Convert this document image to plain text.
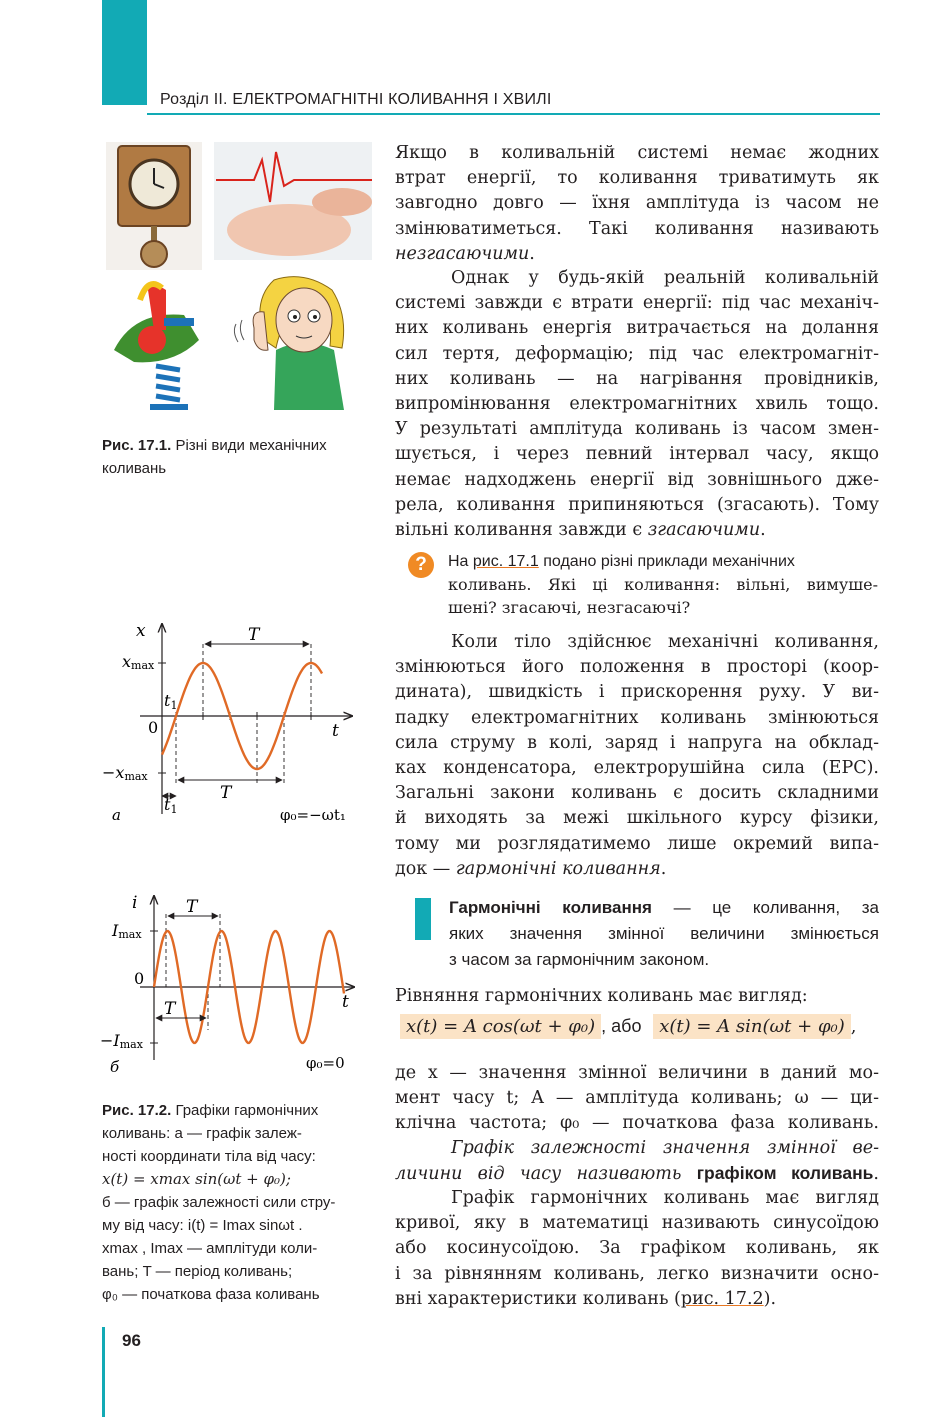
Розділ ІІ. ЕЛЕКТРОМАГНІТНІ КОЛИВАННЯ І ХВИЛІ
Рис. 17.1. Різні види механічних
коливань
x
t
xmax
−xmax
0
t1
t1
T
T
а	φ₀=−ωt₁
i
t
Imax
−Imax
0
T
T
б	φ₀=0
Рис. 17.2. Графіки гармонічних
коливань: а — графік залеж-
ності координати тіла від часу:
x(t) = xmax sin(ωt + φ₀);
б — графік залежності сили стру-
му від часу: i(t) = Imax sinωt .
xmax , Imax — амплітуди коли-
вань; T — період коливань;
φ₀ — початкова фаза коливань
Якщо в коливальній системі немає жодних
втрат енергії, то коливання триватимуть як
завгодно довго — їхня амплітуда із часом не
змінюватиметься. Такі коливання називають
незгасаючими.
Однак у будь-якій реальній коливальній
системі завжди є втрати енергії: під час механіч-
них коливань енергія витрачається на долання
сил тертя, деформацію; під час електромагніт-
них коливань — на нагрівання провідників,
випромінювання електромагнітних хвиль тощо.
У результаті амплітуда коливань із часом змен-
шується, і через певний інтервал часу, якщо
немає надходжень енергії від зовнішнього дже-
рела, коливання припиняються (згасають). Тому
вільні коливання завжди є згасаючими.
?	На рис. 17.1 подано різні приклади механічних
коливань. Які ці коливання: вільні, вимуше-
шені? згасаючі, незгасаючі?
Коли тіло здійснює механічні коливання,
змінюються його положення в просторі (коор-
дината), швидкість і прискорення руху. У ви-
падку електромагнітних коливань змінюються
сила струму в колі, заряд і напруга на обклад-
ках конденсатора, електрорушійна сила (ЕРС).
Загальні закони коливань є досить складними
й виходять за межі шкільного курсу фізики,
тому ми розглядатимемо лише окремий випа-
док — гармонічні коливання.
Гармонічні коливання — це коливання, за
яких значення змінної величини змінюється
з часом за гармонічним законом.
Рівняння гармонічних коливань має вигляд:
x(t) = A cos(ωt + φ₀) , або x(t) = A sin(ωt + φ₀) ,
де x — значення змінної величини в даний мо-
мент часу t; A — амплітуда коливань; ω — ци-
клічна частота; φ₀ — початкова фаза коливань.
Графік залежності значення змінної ве-
личини від часу називають графіком коливань.
Графік гармонічних коливань має вигляд
кривої, яку в математиці називають синусоїдою
або косинусоїдою. За графіком коливань, як
і за рівнянням коливань, легко визначити осно-
вні характеристики коливань (рис. 17.2).
96
